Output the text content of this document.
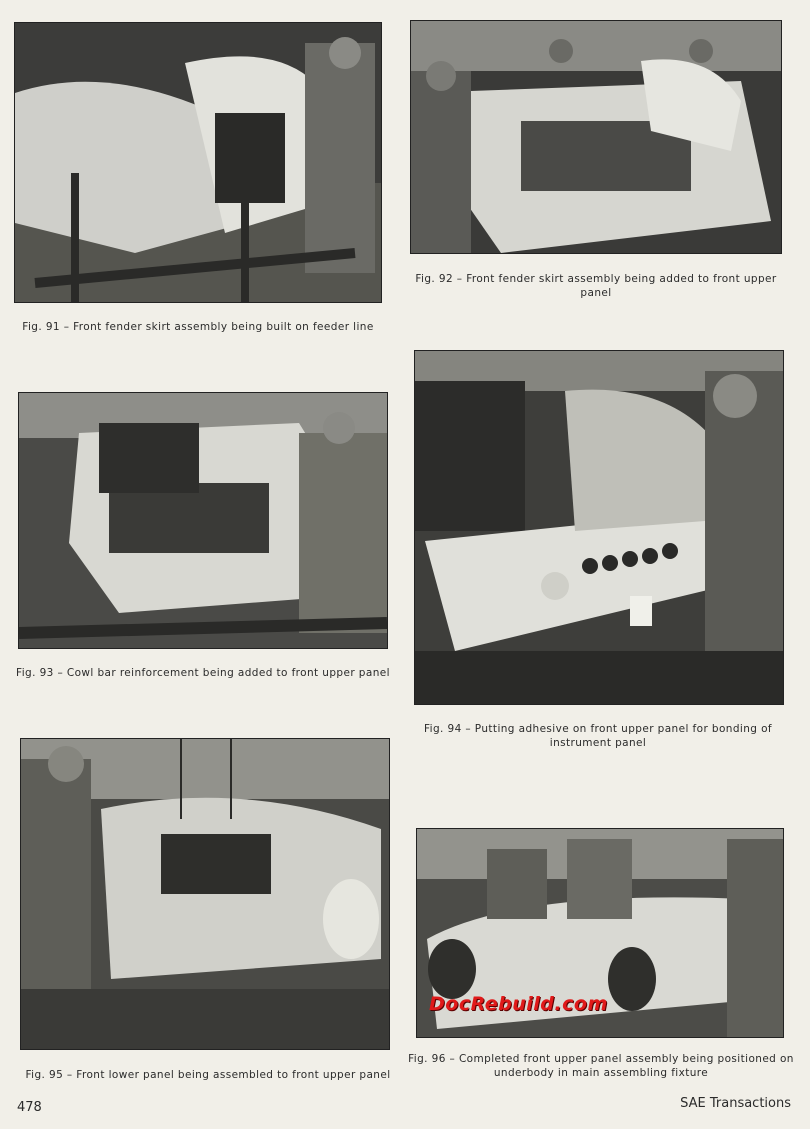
Fig. 91 – Front fender skirt assembly being built on feeder line
Fig. 92 – Front fender skirt assembly being added to front upper panel
Fig. 93 – Cowl bar reinforcement being added to front upper panel
Fig. 94 – Putting adhesive on front upper panel for bonding of instrument panel
Fig. 95 – Front lower panel being assembled to front upper panel
DocRebuild.com
Fig. 96 – Completed front upper panel assembly being positioned on underbody in main assembling fixture
478	SAE Transactions
